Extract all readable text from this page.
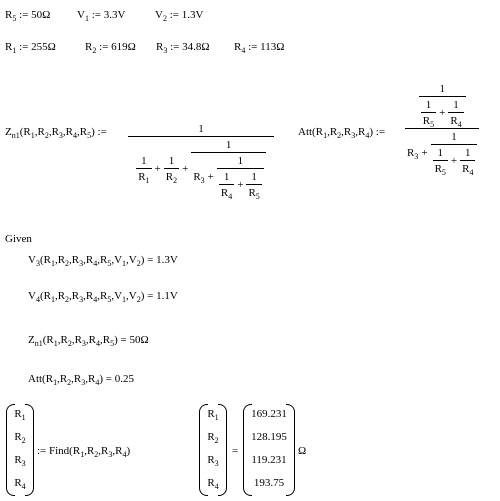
$R_5$ := 50Ω $V_1$ := 3.3V	$V_2$ := 1.3V
$R_1$ := 255Ω	$R_2$ := 619Ω $R_3$ := 34.8Ω $R_4$ := 113Ω
$Z_{n1}(R_1,R_2,R_3,R_4,R_5)$ :=	1
$\frac{1}{R_1} + \frac{1}{R_2}$ +
1
$R_3 + \frac{1}{\frac{1}{R_4} + \frac{1}{R_5}}$
$Att(R_1,R_2,R_3,R_4)$ :=
$\frac{1}{\frac{1}{R_5} + \frac{1}{R_4}}$
$R_3 + \frac{1}{\frac{1}{R_5} + \frac{1}{R_4}}$
Given
$V_3(R_1,R_2,R_3,R_4,R_5,V_1,V_2) = 1.3V$
$V_4(R_1,R_2,R_3,R_4,R_5,V_1,V_2) = 1.1V$
$Z_{n1}(R_1,R_2,R_3,R_4,R_5) = 50\Omega$
$Att(R_1,R_2,R_3,R_4) = 0.25$
$R_1$
$R_2$
$R_3$
$R_4$
:= $Find(R_1,R_2,R_3,R_4)$
$R_1$
$R_2$
$R_3$
$R_4$
=
169.231
128.195
119.231
193.75
Ω
